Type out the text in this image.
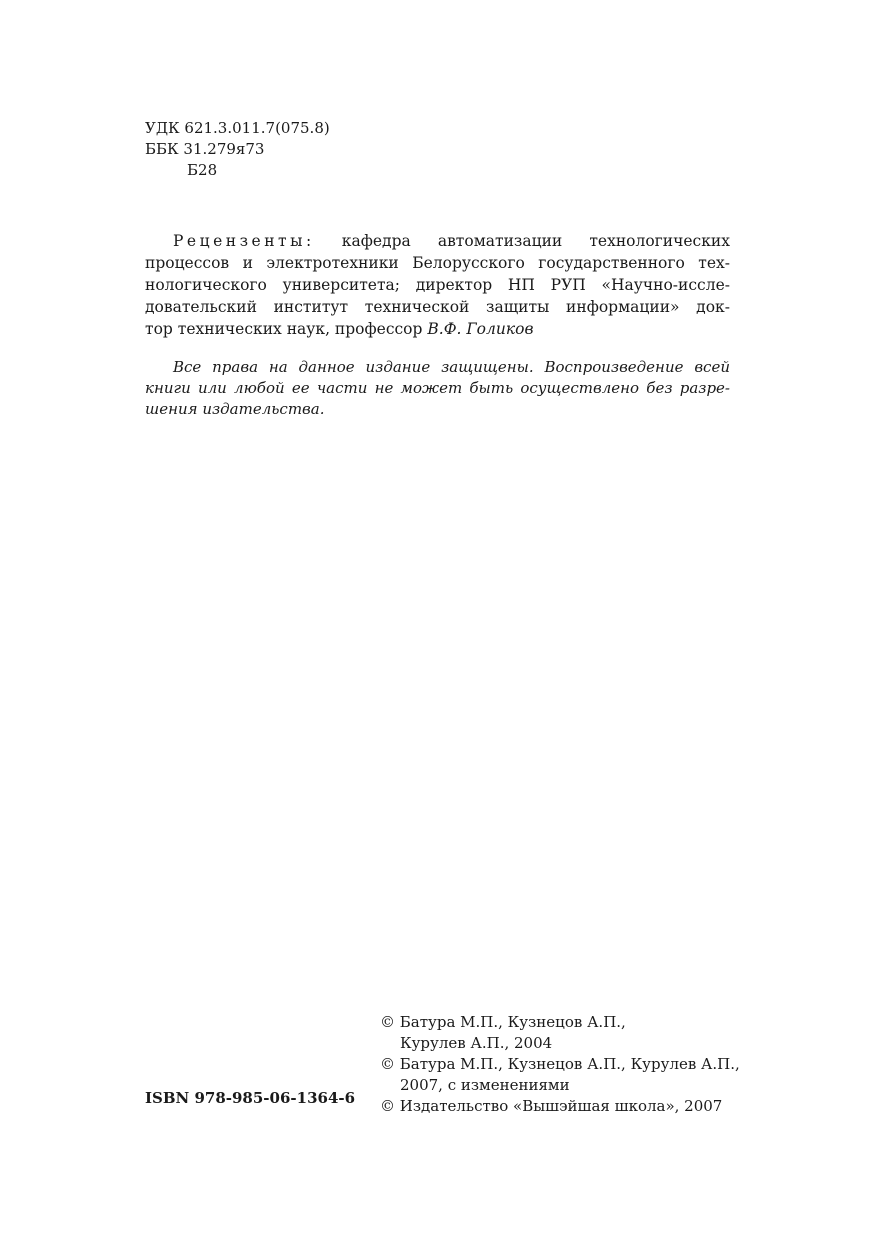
УДК 621.3.011.7(075.8)
ББК 31.279я73
Б28
Рецензенты: кафедра автоматизации технологических
процессов и электротехники Белорусского государственного тех-
нологического университета; директор НП РУП «Научно-иссле-
довательский институт технической защиты информации» док-
тор технических наук, профессор В.Ф. Голиков
Все права на данное издание защищены. Воспроизведение всей
книги или любой ее части не может быть осуществлено без разре-
шения издательства.
© Батура М.П., Кузнецов А.П.,
Курулев А.П., 2004
© Батура М.П., Кузнецов А.П., Курулев А.П.,
2007, с изменениями
© Издательство «Вышэйшая школа», 2007
ISBN 978-985-06-1364-6
